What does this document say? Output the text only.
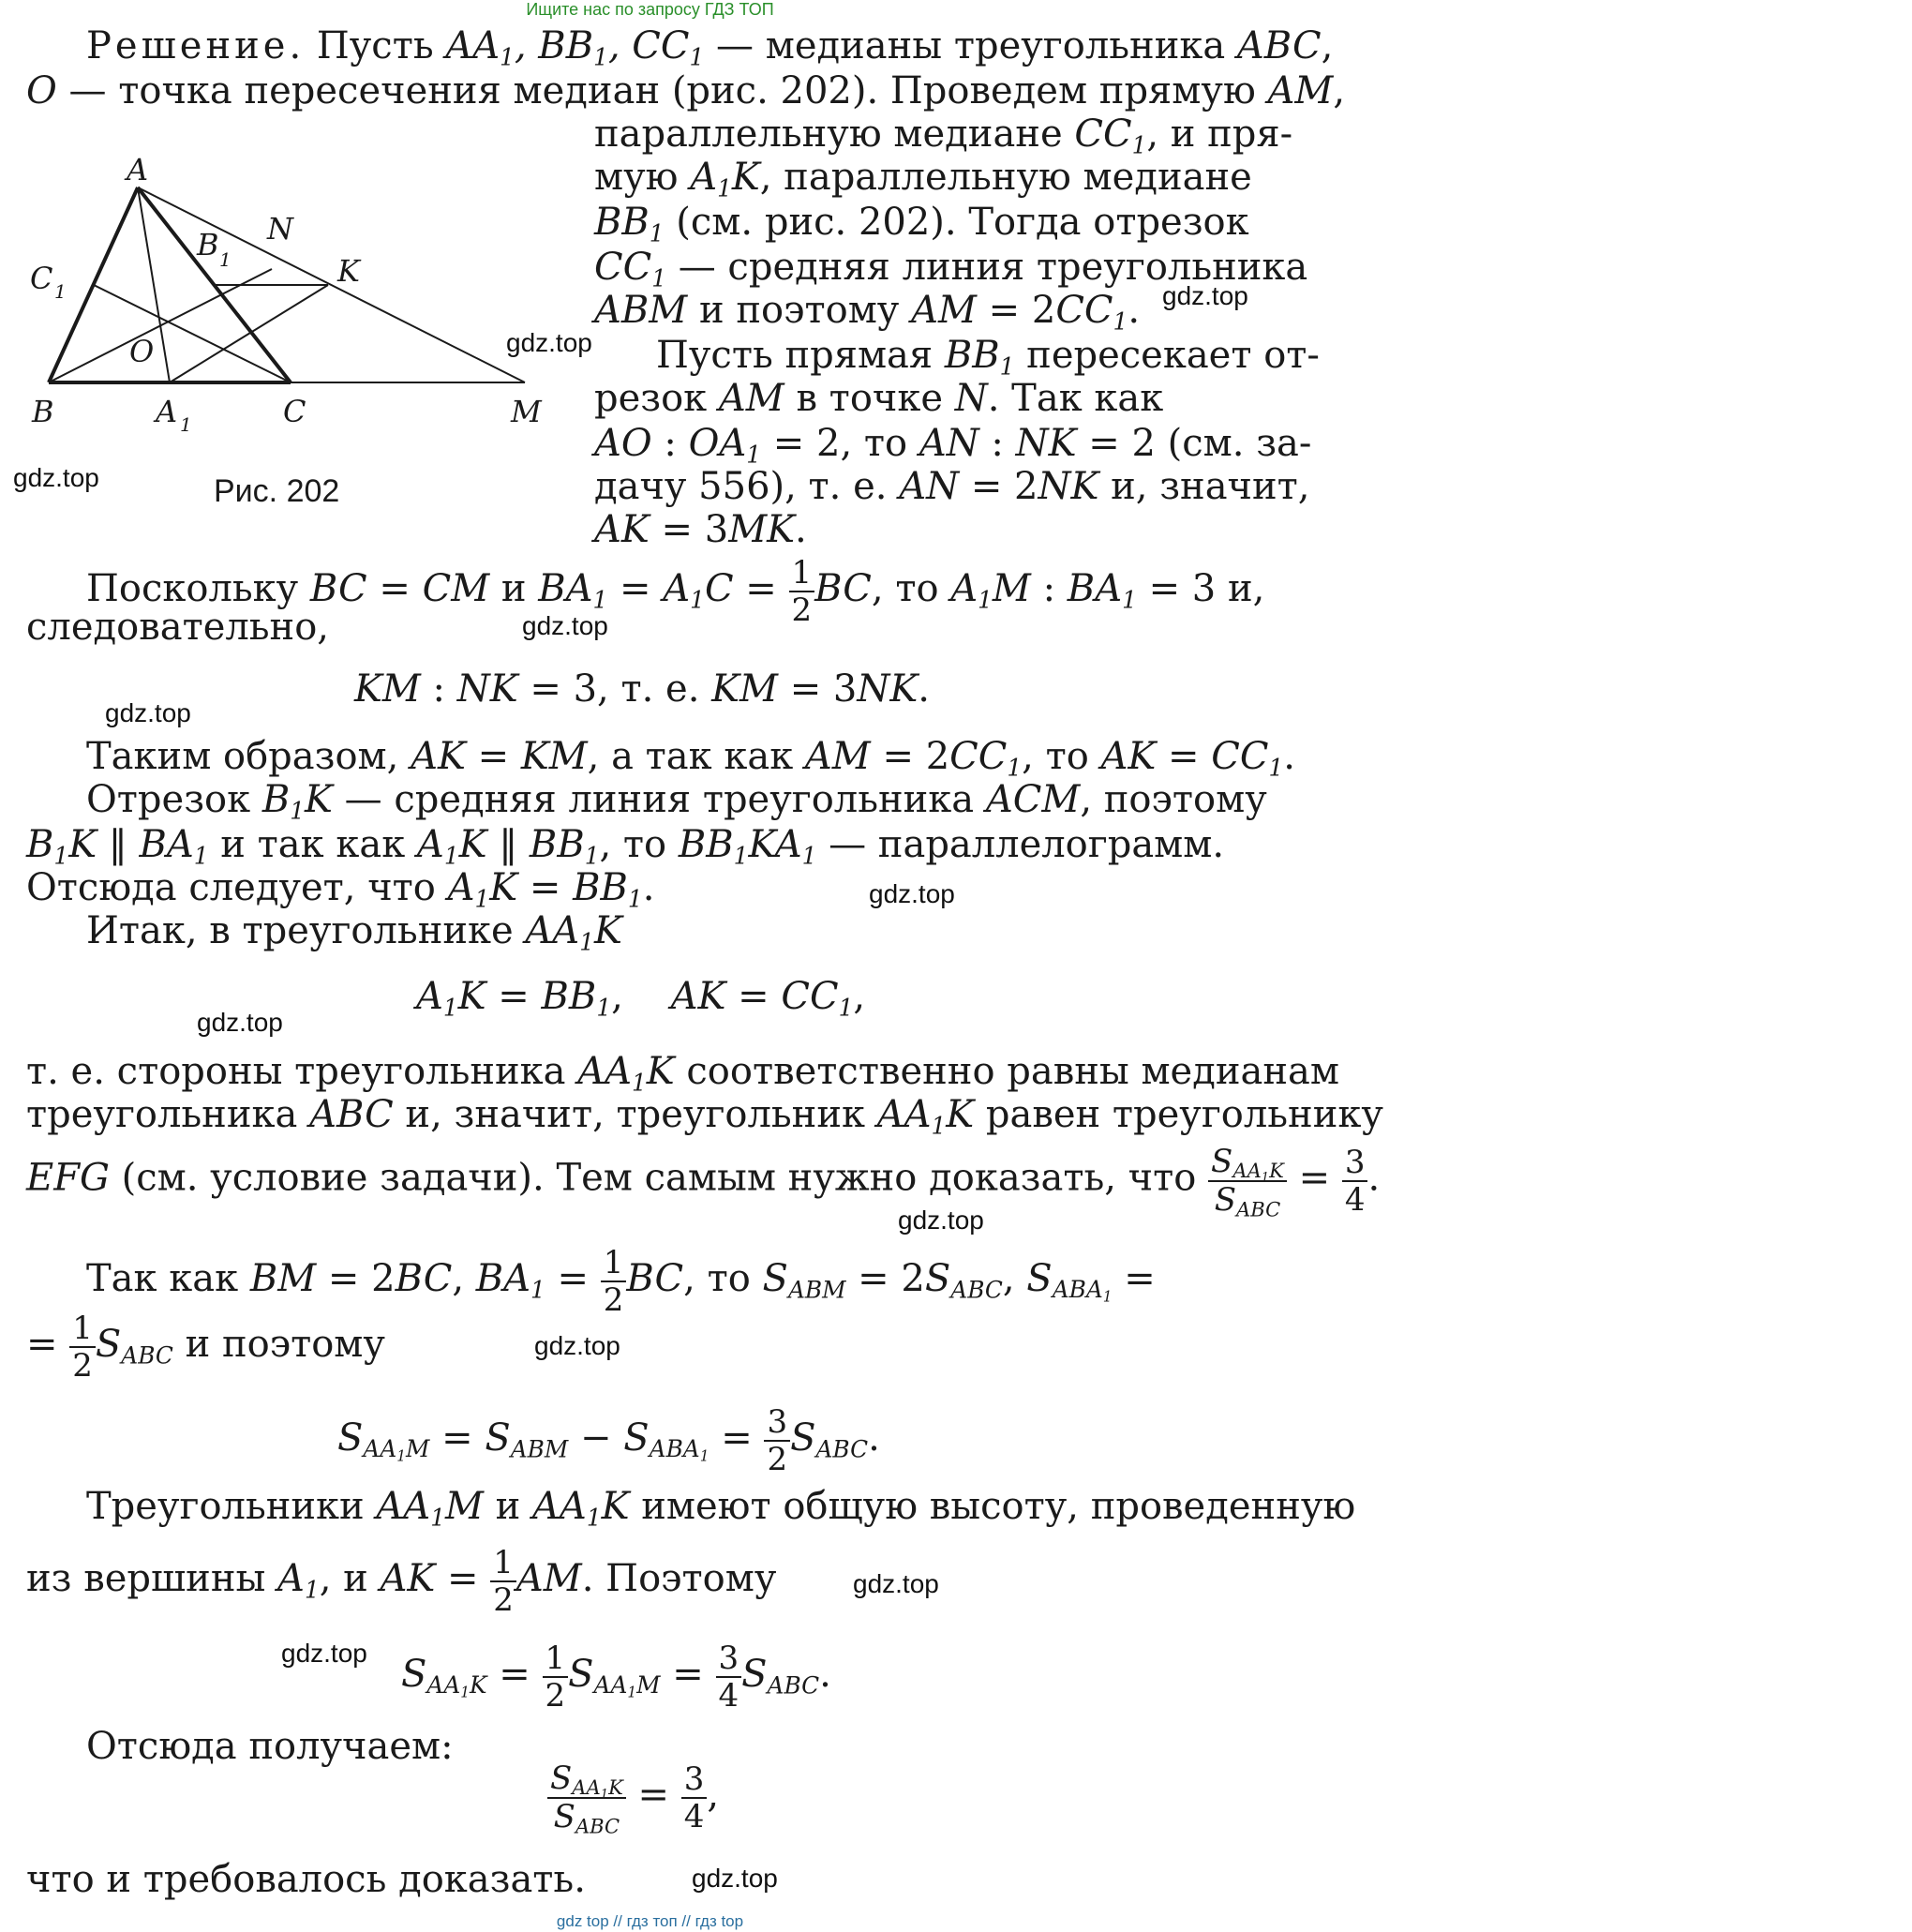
Ищите нас по запросу ГДЗ ТОП
A
B	C	M
N
K
O
B 1
C 1
A 1
Рис. 202
gdz.top
gdz.top
gdz.top
gdz.top
gdz.top
gdz.top
gdz.top
gdz.top
gdz.top
gdz.top
gdz.top
gdz.top
Решение. Пусть $AA_1$, $BB_1$, $CC_1$ — медианы треугольника ABC,
O — точка пересечения медиан (рис. 202). Проведем прямую AM,
параллельную медиане $CC_1$, и пря-
мую $A_1K$, параллельную медиане
$BB_1$ (см. рис. 202). Тогда отрезок
$CC_1$ — средняя линия треугольника
ABM и поэтому AM = $2CC_1$.
Пусть прямая $BB_1$ пересекает от-
резок AM в точке N. Так как
AO : $OA_1 = 2$, то AN : NK = 2 (см. за-
дачу 556), т. е. AN = 2NK и, значит,
AK = 3MK.
Поскольку BC = CM и $BA_1 = A_1C = \frac{1}{2}$ BC, то $A_1M$ : $BA_1 = 3$ и,
следовательно,
KM : NK = 3, т. е. KM = 3NK.
Таким образом, AK = KM, а так как AM = $2CC_1$, то AK = $CC_1$.
Отрезок $B_1K$ — средняя линия треугольника ACM, поэтому
$B_1K$ ‖ $BA_1$ и так как $A_1K$ ‖ $BB_1$, то $BB_1KA_1$ — параллелограмм.
Отсюда следует, что $A_1K = BB_1$.
Итак, в треугольнике $AA_1K$
$A_1K = BB_1$,    AK = $CC_1$,
т. е. стороны треугольника $AA_1K$ соответственно равны медианам
треугольника ABC и, значит, треугольник $AA_1K$ равен треугольнику
EFG (см. условие задачи). Тем самым нужно доказать, что $\frac{S_{AA_1K}}{S_{ABC}} = \frac{3}{4}$ .
Так как BM = 2BC, $BA_1 = \frac{1}{2}$ BC, то $S_{ABM} = 2S_{ABC}$, $S_{ABA_1}$ =
= $\frac{1}{2} S_{ABC}$ и поэтому
$S_{AA_1M} = S_{ABM} - S_{ABA_1} = \frac{3}{2} S_{ABC}$.
Треугольники $AA_1M$ и $AA_1K$ имеют общую высоту, проведенную
из вершины $A_1$, и AK = $\frac{1}{2}$ AM. Поэтому
$S_{AA_1K} = \frac{1}{2} S_{AA_1M} = \frac{3}{4} S_{ABC}$.
Отсюда получаем:
$\frac{S_{AA_1K}}{S_{ABC}} = \frac{3}{4}$ ,
что и требовалось доказать.
gdz top // гдз топ // гдз top
